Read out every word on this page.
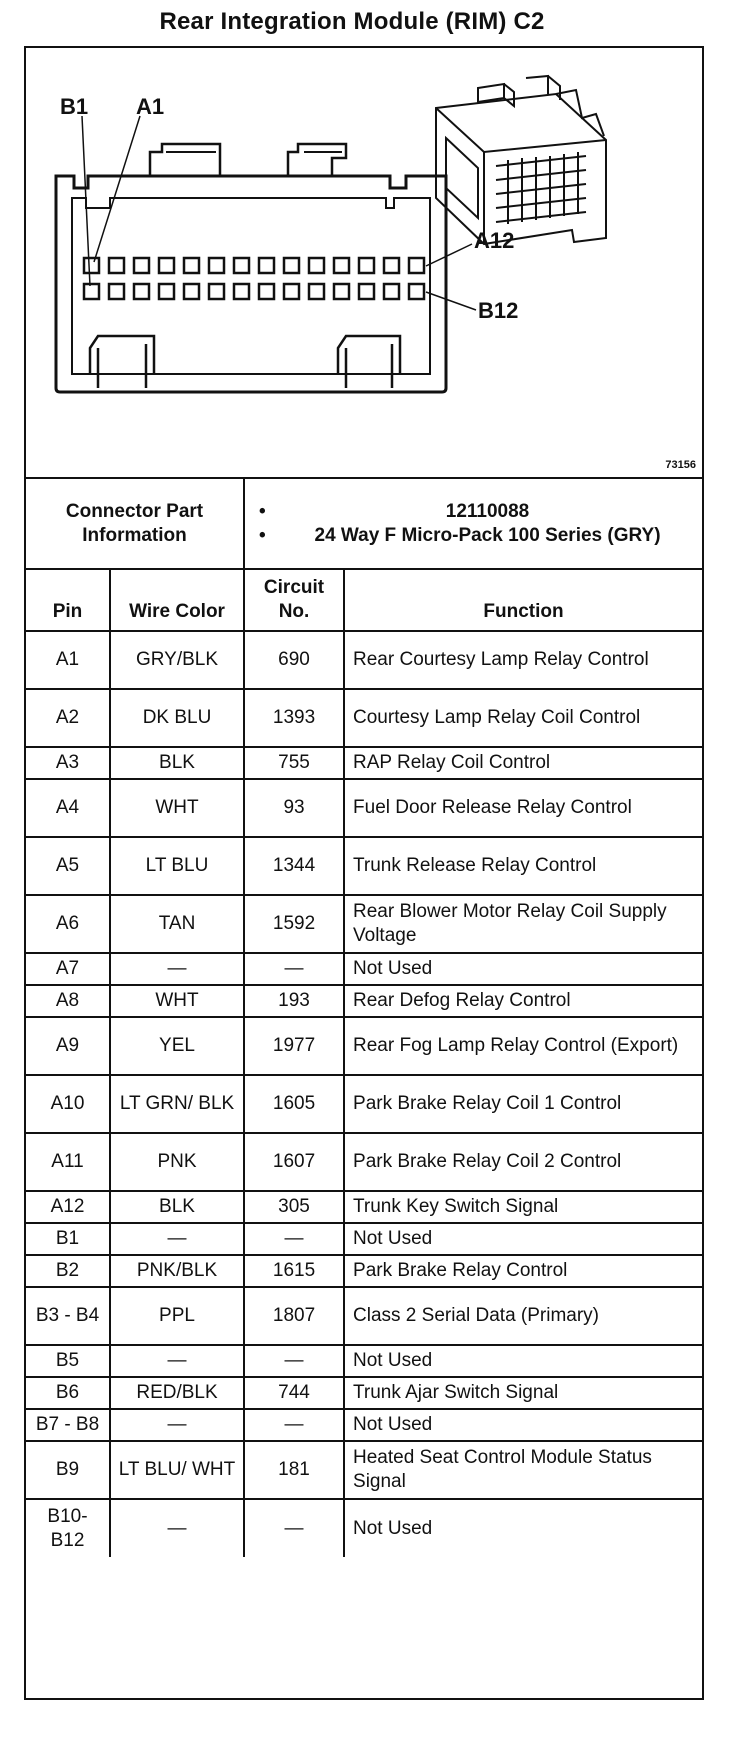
Rear Integration Module (RIM) C2
B1 A1
A12
B12
73156
Connector Part Information		• 12110088
• 24 Way F Micro-Pack 100 Series (GRY)

Pin	Wire Color	Circuit No.	Function
A1	GRY/BLK	690	Rear Courtesy Lamp Relay Control
A2	DK BLU	1393	Courtesy Lamp Relay Coil Control
A3	BLK	755	RAP Relay Coil Control
A4	WHT	93	Fuel Door Release Relay Control
A5	LT BLU	1344	Trunk Release Relay Control
A6	TAN	1592	Rear Blower Motor Relay Coil Supply Voltage
A7	—	—	Not Used
A8	WHT	193	Rear Defog Relay Control
A9	YEL	1977	Rear Fog Lamp Relay Control (Export)
A10	LT GRN/ BLK	1605	Park Brake Relay Coil 1 Control
A11	PNK	1607	Park Brake Relay Coil 2 Control
A12	BLK	305	Trunk Key Switch Signal
B1	—	—	Not Used
B2	PNK/BLK	1615	Park Brake Relay Control
B3 - B4	PPL	1807	Class 2 Serial Data (Primary)
B5	—	—	Not Used
B6	RED/BLK	744	Trunk Ajar Switch Signal
B7 - B8	—	—	Not Used
B9	LT BLU/ WHT	181	Heated Seat Control Module Status Signal
B10- B12	—	—	Not Used
